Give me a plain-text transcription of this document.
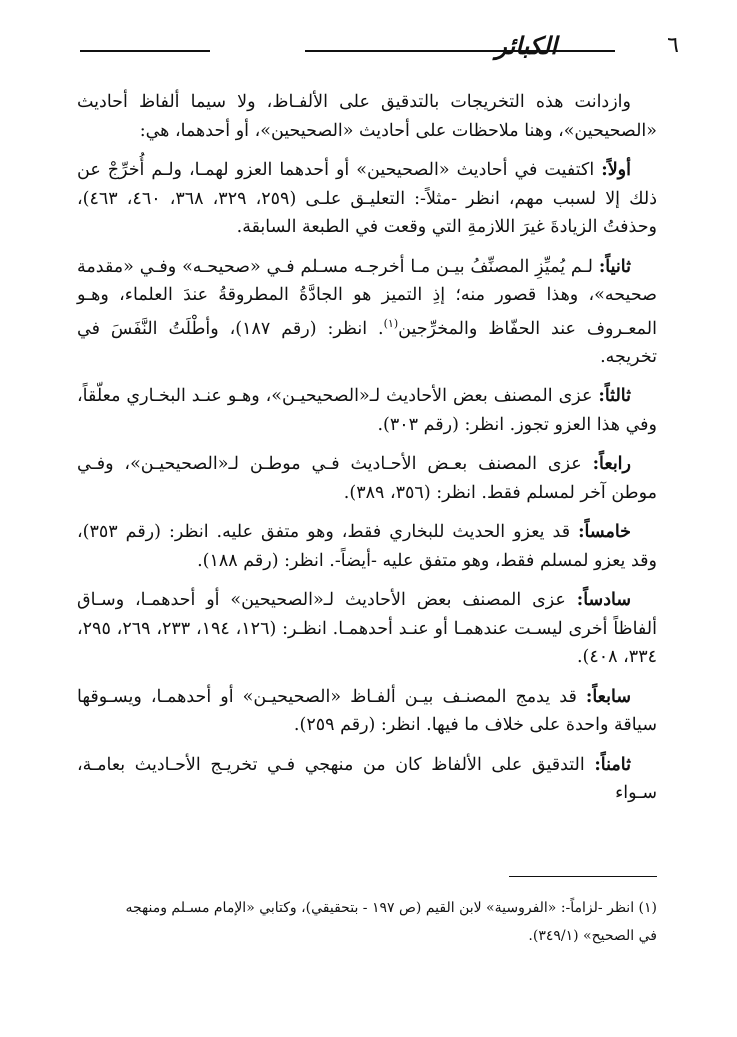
٦
الكبائر

وازدانت هذه التخريجات بالتدقيق على الألفـاظ، ولا سيما ألفاظ أحاديث «الصحيحين»، وهنا ملاحظات على أحاديث «الصحيحين»، أو أحدهما، هي:

أولاً: اكتفيت في أحاديث «الصحيحين» أو أحدهما العزو لهمـا، ولـم أُخرِّجْ عن ذلك إلا لسبب مهم، انظر -مثلاً-: التعليـق علـى (٢٥٩، ٣٢٩، ٣٦٨، ٤٦٠، ٤٦٣)، وحذفتُ الزيادةَ غيرَ اللازمةِ التي وقعت في الطبعة السابقة.

ثانياً: لـم يُميِّزِ المصنِّفُ بيـن مـا أخرجـه مسـلم فـي «صحيحـه» وفـي «مقدمة صحيحه»، وهذا قصور منه؛ إذِ التميز هو الجادَّةُ المطروقةُ عندَ العلماء، وهـو المعـروف عند الحفّاظ والمخرِّجين$^{(١)}$. انظر: (رقم ١٨٧)، وأطْلَتُ النَّفَسَ في تخريجه.

ثالثاً: عزى المصنف بعض الأحاديث لـ«الصحيحيـن»، وهـو عنـد البخـاري معلّقاً، وفي هذا العزو تجوز. انظر: (رقم ٣٠٣).

رابعاً: عزى المصنف بعـض الأحـاديث فـي موطـن لـ«الصحيحيـن»، وفـي موطن آخر لمسلم فقط. انظر: (٣٥٦، ٣٨٩).

خامساً: قد يعزو الحديث للبخاري فقط، وهو متفق عليه. انظر: (رقم ٣٥٣)، وقد يعزو لمسلم فقط، وهو متفق عليه -أيضاً-. انظر: (رقم ١٨٨).

سادساً: عزى المصنف بعض الأحاديث لـ«الصحيحين» أو أحدهمـا، وسـاق ألفاظاً أخرى ليسـت عندهمـا أو عنـد أحدهمـا. انظـر: (١٢٦، ١٩٤، ٢٣٣، ٢٦٩، ٢٩٥، ٣٣٤، ٤٠٨).

سابعاً: قد يدمج المصنـف بيـن ألفـاظ «الصحيحيـن» أو أحدهمـا، ويسـوقها سياقة واحدة على خلاف ما فيها. انظر: (رقم ٢٥٩).

ثامناً: التدقيق على الألفاظ كان من منهجي فـي تخريـج الأحـاديث بعامـة، سـواء

(١) انظر -لزاماً-: «الفروسية» لابن القيم (ص ١٩٧ - بتحقيقي)، وكتابي «الإمام مسـلم ومنهجه

في الصحيح» (٣٤٩/١).
